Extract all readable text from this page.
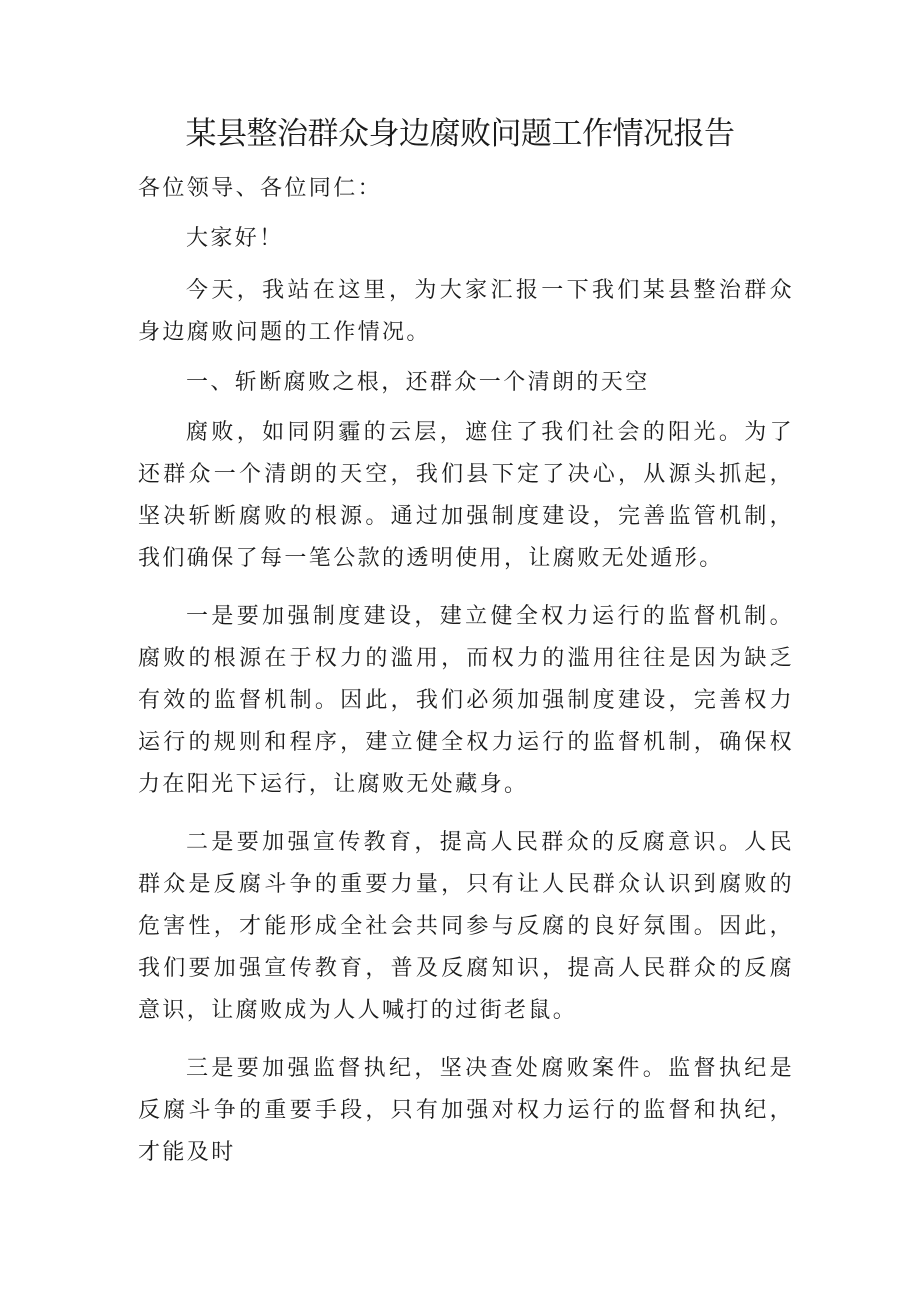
某县整治群众身边腐败问题工作情况报告

各位领导、各位同仁：

大家好！

今天，我站在这里，为大家汇报一下我们某县整治群众身边腐败问题的工作情况。

一、斩断腐败之根，还群众一个清朗的天空

腐败，如同阴霾的云层，遮住了我们社会的阳光。为了还群众一个清朗的天空，我们县下定了决心，从源头抓起，坚决斩断腐败的根源。通过加强制度建设，完善监管机制，我们确保了每一笔公款的透明使用，让腐败无处遁形。

一是要加强制度建设，建立健全权力运行的监督机制。腐败的根源在于权力的滥用，而权力的滥用往往是因为缺乏有效的监督机制。因此，我们必须加强制度建设，完善权力运行的规则和程序，建立健全权力运行的监督机制，确保权力在阳光下运行，让腐败无处藏身。

二是要加强宣传教育，提高人民群众的反腐意识。人民群众是反腐斗争的重要力量，只有让人民群众认识到腐败的危害性，才能形成全社会共同参与反腐的良好氛围。因此，我们要加强宣传教育，普及反腐知识，提高人民群众的反腐意识，让腐败成为人人喊打的过街老鼠。

三是要加强监督执纪，坚决查处腐败案件。监督执纪是反腐斗争的重要手段，只有加强对权力运行的监督和执纪，才能及时
